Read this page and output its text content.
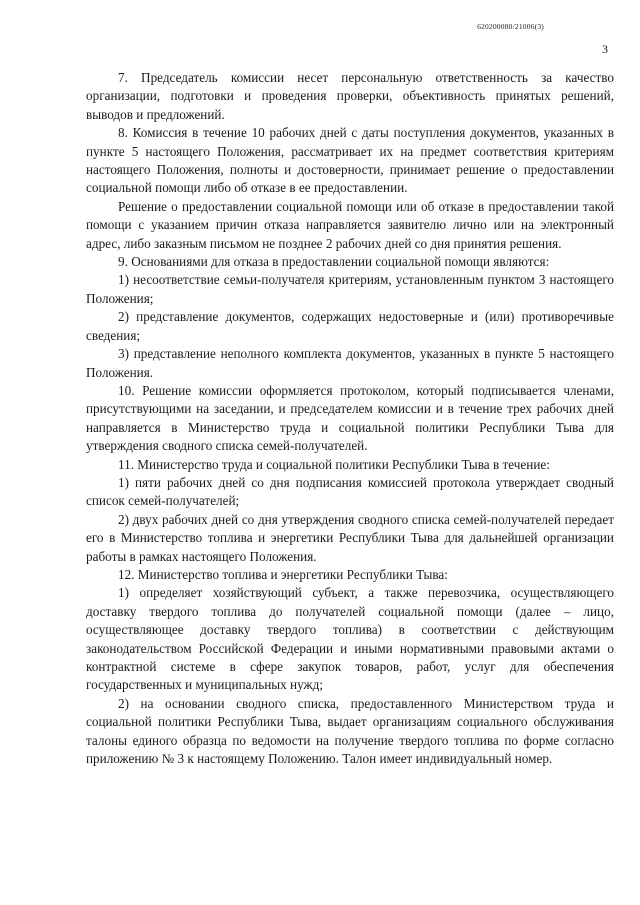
620200080/21006(3)
3

7. Председатель комиссии несет персональную ответственность за качество организации, подготовки и проведения проверки, объективность принятых решений, выводов и предложений.

8. Комиссия в течение 10 рабочих дней с даты поступления документов, указанных в пункте 5 настоящего Положения, рассматривает их на предмет соответствия критериям настоящего Положения, полноты и достоверности, принимает решение о предоставлении социальной помощи либо об отказе в ее предоставлении.

Решение о предоставлении социальной помощи или об отказе в предоставлении такой помощи с указанием причин отказа направляется заявителю лично или на электронный адрес, либо заказным письмом не позднее 2 рабочих дней со дня принятия решения.

9. Основаниями для отказа в предоставлении социальной помощи являются:

1) несоответствие семьи-получателя критериям, установленным пунктом 3 настоящего Положения;

2) представление документов, содержащих недостоверные и (или) противоречивые сведения;

3) представление неполного комплекта документов, указанных в пункте 5 настоящего Положения.

10. Решение комиссии оформляется протоколом, который подписывается членами, присутствующими на заседании, и председателем комиссии и в течение трех рабочих дней направляется в Министерство труда и социальной политики Республики Тыва для утверждения сводного списка семей-получателей.

11. Министерство труда и социальной политики Республики Тыва в течение:

1) пяти рабочих дней со дня подписания комиссией протокола утверждает сводный список семей-получателей;

2) двух рабочих дней со дня утверждения сводного списка семей-получателей передает его в Министерство топлива и энергетики Республики Тыва для дальнейшей организации работы в рамках настоящего Положения.

12. Министерство топлива и энергетики Республики Тыва:

1) определяет хозяйствующий субъект, а также перевозчика, осуществляющего доставку твердого топлива до получателей социальной помощи (далее – лицо, осуществляющее доставку твердого топлива) в соответствии с действующим законодательством Российской Федерации и иными нормативными правовыми актами о контрактной системе в сфере закупок товаров, работ, услуг для обеспечения государственных и муниципальных нужд;

2) на основании сводного списка, предоставленного Министерством труда и социальной политики Республики Тыва, выдает организациям социального обслуживания талоны единого образца по ведомости на получение твердого топлива по форме согласно приложению № 3 к настоящему Положению. Талон имеет индивидуальный номер.
